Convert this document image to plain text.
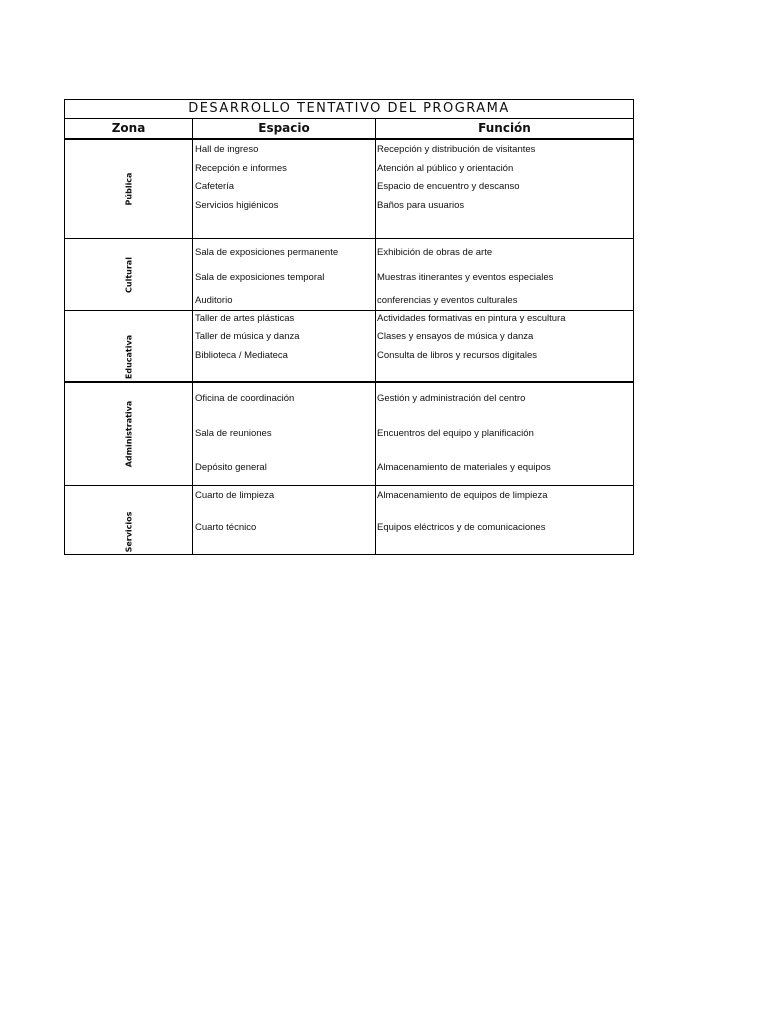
DESARROLLO TENTATIVO DEL PROGRAMA
Zona	Espacio	Función
Pública
Hall de ingreso
Recepción e informes
Cafetería
Servicios higiénicos
Recepción y distribución de visitantes
Atención al público y orientación
Espacio de encuentro y descanso
Baños para usuarios
Cultural
Sala de exposiciones permanente
Sala de exposiciones temporal
Auditorio
Exhibición de obras de arte
Muestras itinerantes y eventos especiales
conferencias y eventos culturales
Educativa
Taller de artes plásticas
Taller de música y danza
Biblioteca / Mediateca
Actividades formativas en pintura y escultura
Clases y ensayos de música y danza
Consulta de libros y recursos digitales
Administrativa
Oficina de coordinación
Sala de reuniones
Depósito general
Gestión y administración del centro
Encuentros del equipo y planificación
Almacenamiento de materiales y equipos
Servicios
Cuarto de limpieza
Cuarto técnico
Almacenamiento de equipos de limpieza
Equipos eléctricos y de comunicaciones
